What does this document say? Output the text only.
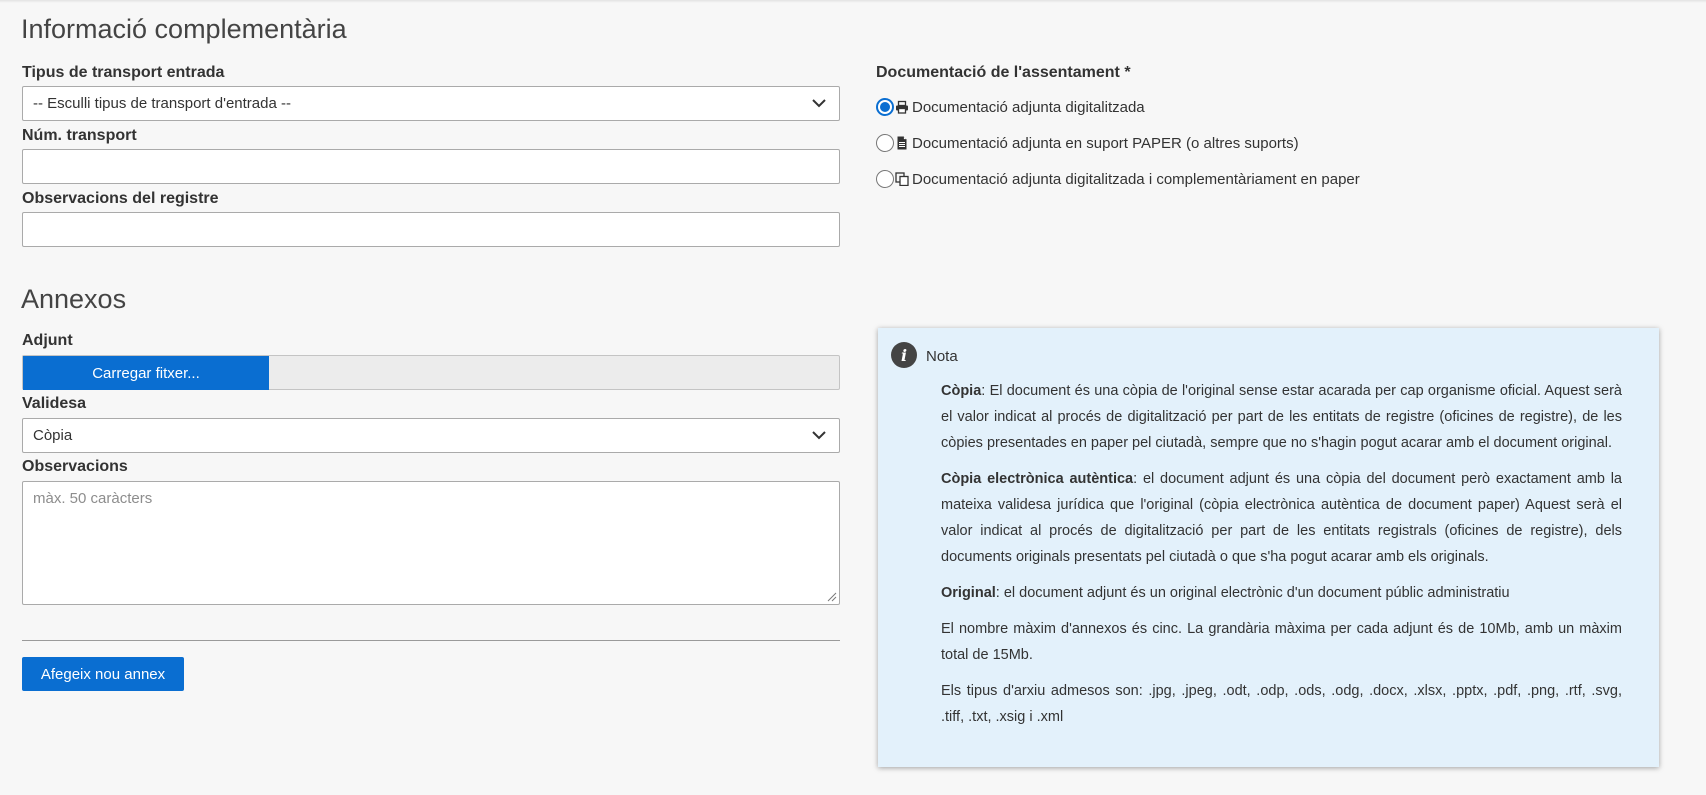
Informació complementària
Tipus de transport entrada
-- Esculli tipus de transport d'entrada --
Núm. transport
Observacions del registre
Documentació de l'assentament *
Documentació adjunta digitalitzada
Documentació adjunta en suport PAPER (o altres suports)
Documentació adjunta digitalitzada i complementàriament en paper
Annexos
Adjunt
Carregar fitxer...
Validesa
Còpia
Observacions
màx. 50 caràcters
Afegeix nou annex
i	Nota

Còpia: El document és una còpia de l'original sense estar acarada per cap organisme oficial. Aquest serà el valor indicat al procés de digitalització per part de les entitats de registre (oficines de registre), de les còpies presentades en paper pel ciutadà, sempre que no s'hagin pogut acarar amb el document original.

Còpia electrònica autèntica: el document adjunt és una còpia del document però exactament amb la mateixa validesa jurídica que l'original (còpia electrònica autèntica de document paper) Aquest serà el valor indicat al procés de digitalització per part de les entitats registrals (oficines de registre), dels documents originals presentats pel ciutadà o que s'ha pogut acarar amb els originals.

Original: el document adjunt és un original electrònic d'un document públic administratiu

El nombre màxim d'annexos és cinc. La grandària màxima per cada adjunt és de 10Mb, amb un màxim total de 15Mb.

Els tipus d'arxiu admesos son: .jpg, .jpeg, .odt, .odp, .ods, .odg, .docx, .xlsx, .pptx, .pdf, .png, .rtf, .svg, .tiff, .txt, .xsig i .xml
